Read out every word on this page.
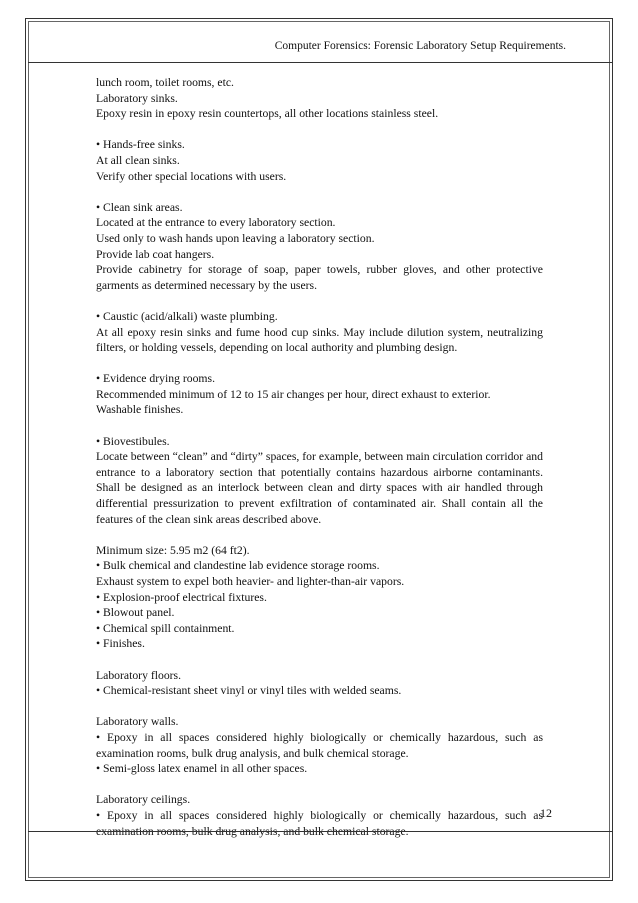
Computer Forensics: Forensic Laboratory Setup Requirements.
lunch room, toilet rooms, etc.
Laboratory sinks.
Epoxy resin in epoxy resin countertops, all other locations stainless steel.
• Hands-free sinks.
At all clean sinks.
Verify other special locations with users.
• Clean sink areas.
Located at the entrance to every laboratory section.
Used only to wash hands upon leaving a laboratory section.
Provide lab coat hangers.
Provide cabinetry for storage of soap, paper towels, rubber gloves, and other protective garments as determined necessary by the users.
• Caustic (acid/alkali) waste plumbing.
At all epoxy resin sinks and fume hood cup sinks. May include dilution system, neutralizing filters, or holding vessels, depending on local authority and plumbing design.
• Evidence drying rooms.
Recommended minimum of 12 to 15 air changes per hour, direct exhaust to exterior.
Washable finishes.
• Biovestibules.
Locate between “clean” and “dirty” spaces, for example, between main circulation corridor and entrance to a laboratory section that potentially contains hazardous airborne contaminants. Shall be designed as an interlock between clean and dirty spaces with air handled through differential pressurization to prevent exfiltration of contaminated air. Shall contain all the features of the clean sink areas described above.
Minimum size: 5.95 m2 (64 ft2).
• Bulk chemical and clandestine lab evidence storage rooms.
Exhaust system to expel both heavier- and lighter-than-air vapors.
• Explosion-proof electrical fixtures.
• Blowout panel.
• Chemical spill containment.
• Finishes.
Laboratory floors.
• Chemical-resistant sheet vinyl or vinyl tiles with welded seams.
Laboratory walls.
• Epoxy in all spaces considered highly biologically or chemically hazardous, such as examination rooms, bulk drug analysis, and bulk chemical storage.
• Semi-gloss latex enamel in all other spaces.
Laboratory ceilings.
• Epoxy in all spaces considered highly biologically or chemically hazardous, such as examination rooms, bulk drug analysis, and bulk chemical storage.
12
